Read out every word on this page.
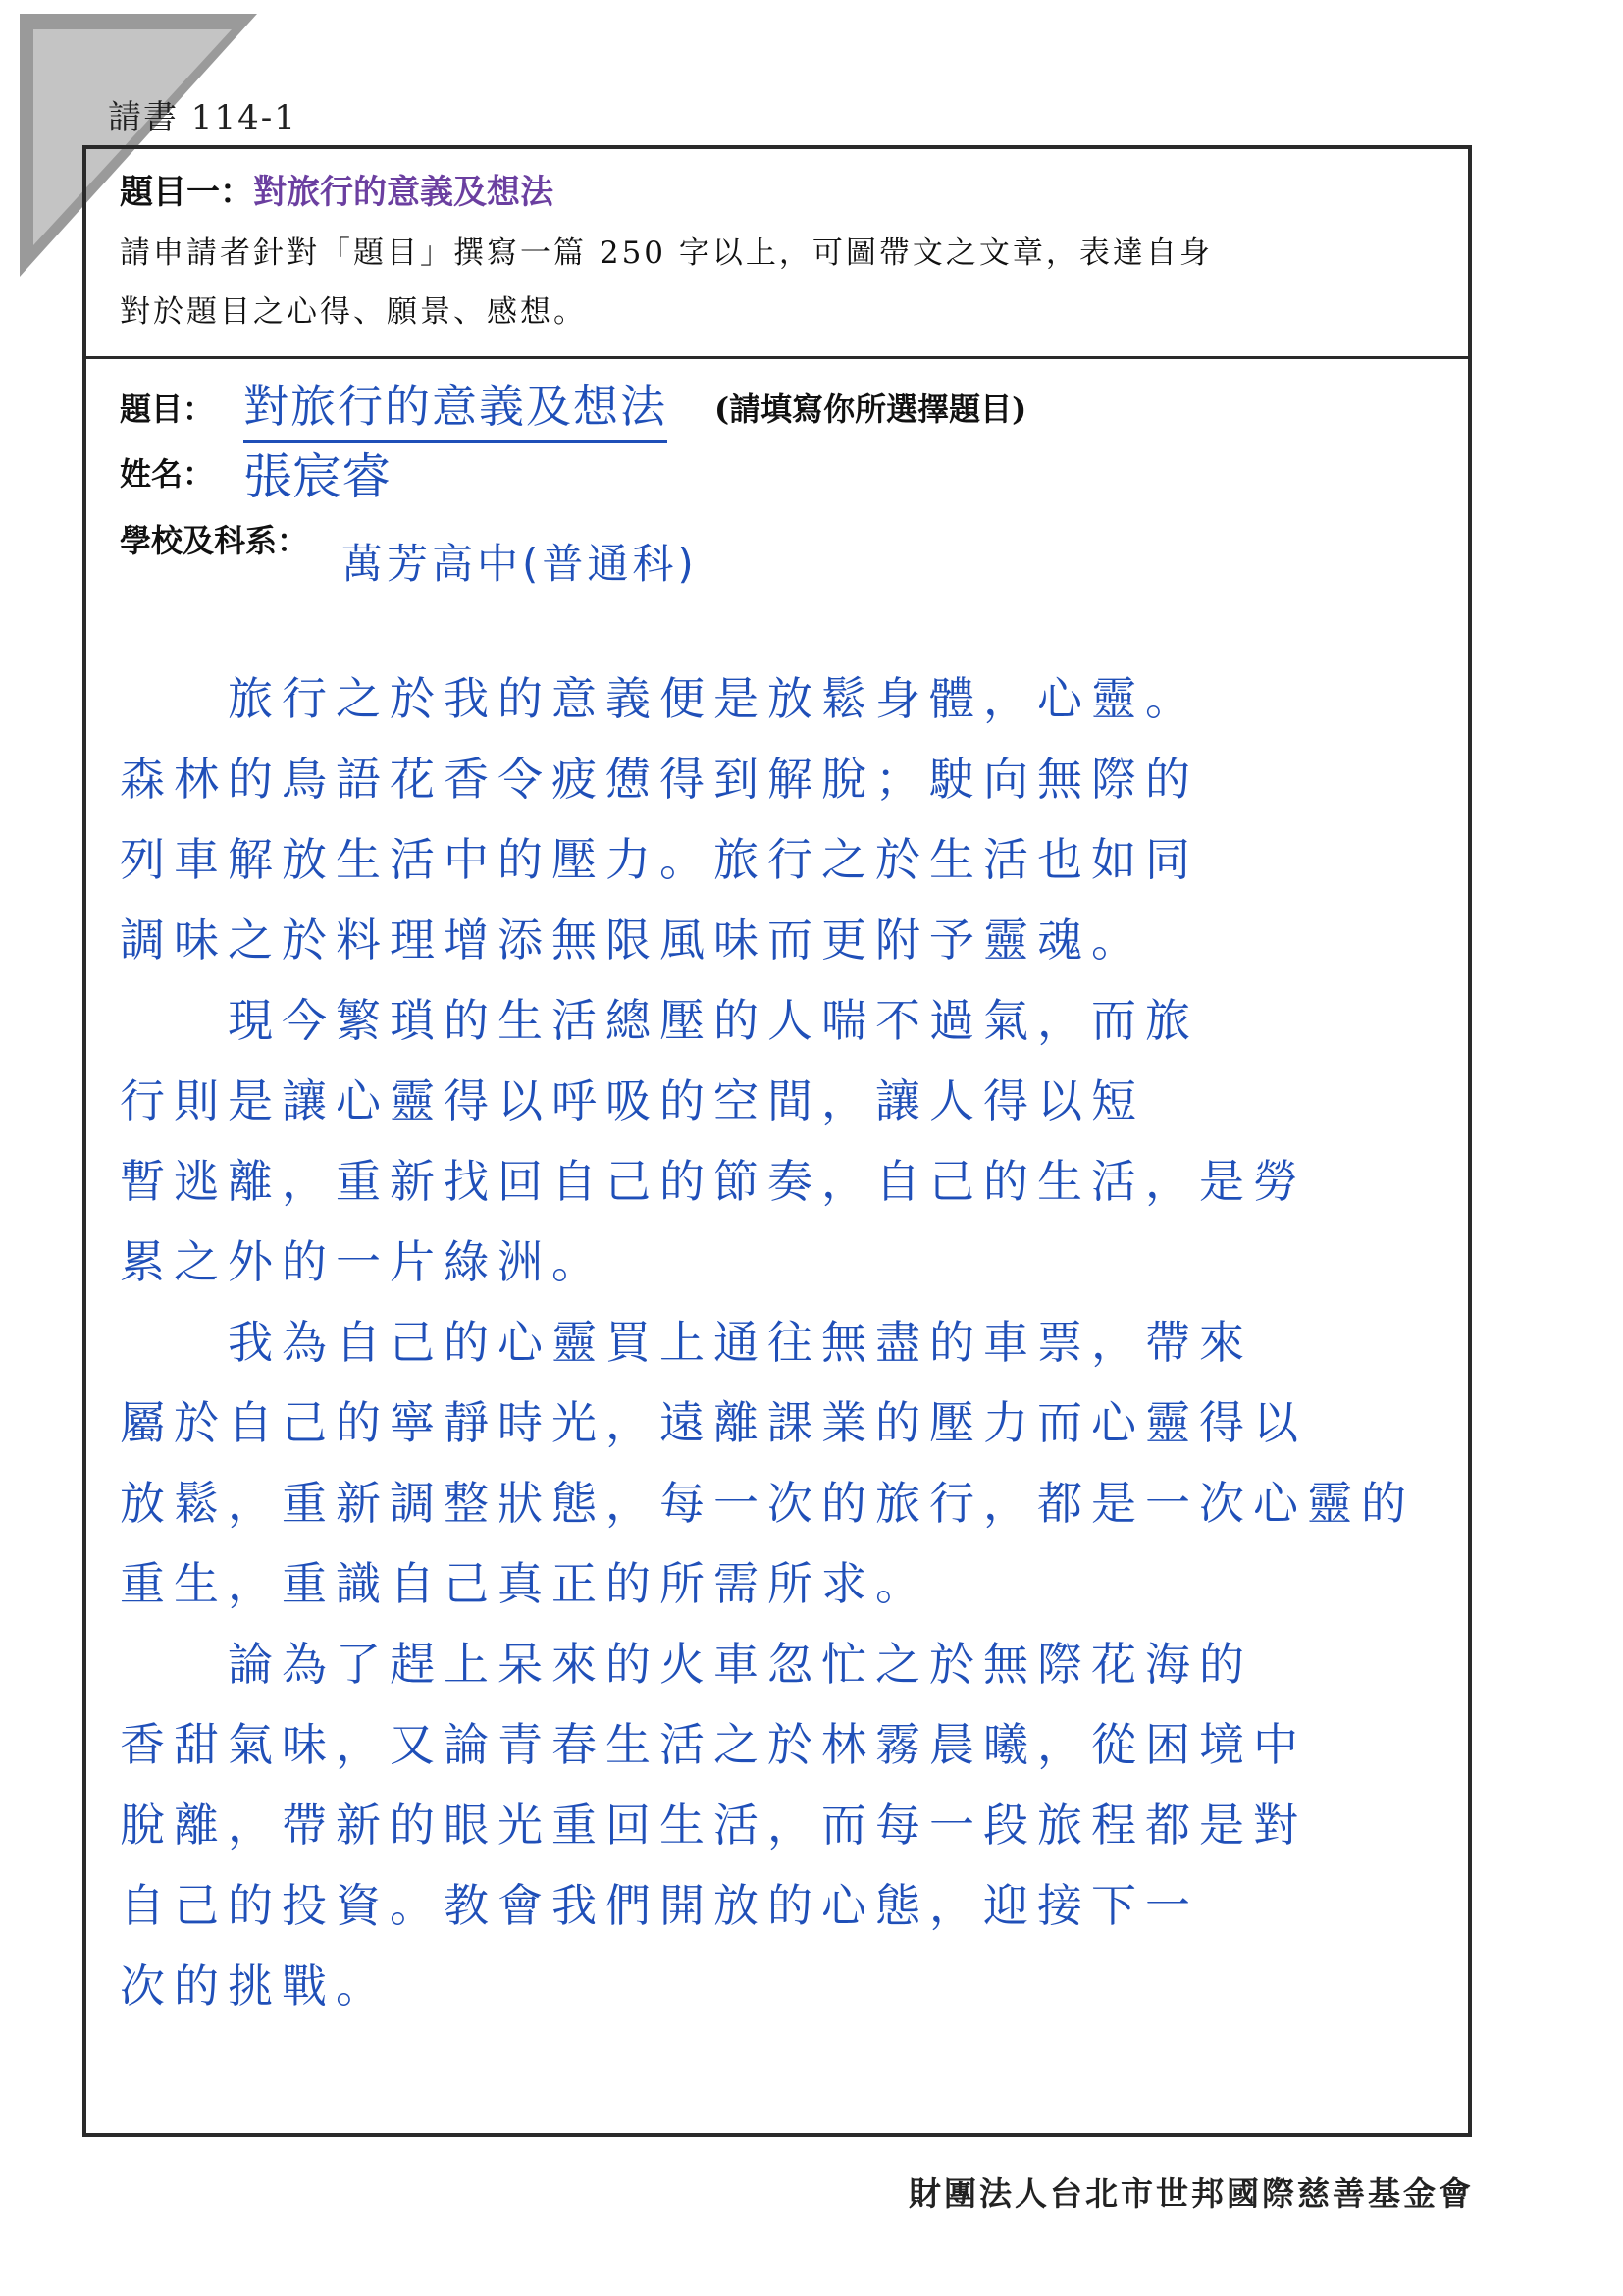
請書 114-1
題目一：對旅行的意義及想法
請申請者針對「題目」撰寫一篇 250 字以上，可圖帶文之文章，表達自身
對於題目之心得、願景、感想。
題目： 對旅行的意義及想法 (請填寫你所選擇題目)
姓名： 張宸睿
學校及科系： 萬芳高中(普通科)
　　旅行之於我的意義便是放鬆身體，心靈。
森林的鳥語花香令疲憊得到解脫；駛向無際的
列車解放生活中的壓力。旅行之於生活也如同
調味之於料理增添無限風味而更附予靈魂。
　　現今繁瑣的生活總壓的人喘不過氣，而旅
行則是讓心靈得以呼吸的空間，讓人得以短
暫逃離，重新找回自己的節奏，自己的生活，是勞
累之外的一片綠洲。
　　我為自己的心靈買上通往無盡的車票，帶來
屬於自己的寧靜時光，遠離課業的壓力而心靈得以
放鬆，重新調整狀態，每一次的旅行，都是一次心靈的
重生，重識自己真正的所需所求。
　　論為了趕上呆來的火車忽忙之於無際花海的
香甜氣味，又論青春生活之於林霧晨曦，從困境中
脫離，帶新的眼光重回生活，而每一段旅程都是對
自己的投資。教會我們開放的心態，迎接下一
次的挑戰。
財團法人台北市世邦國際慈善基金會
